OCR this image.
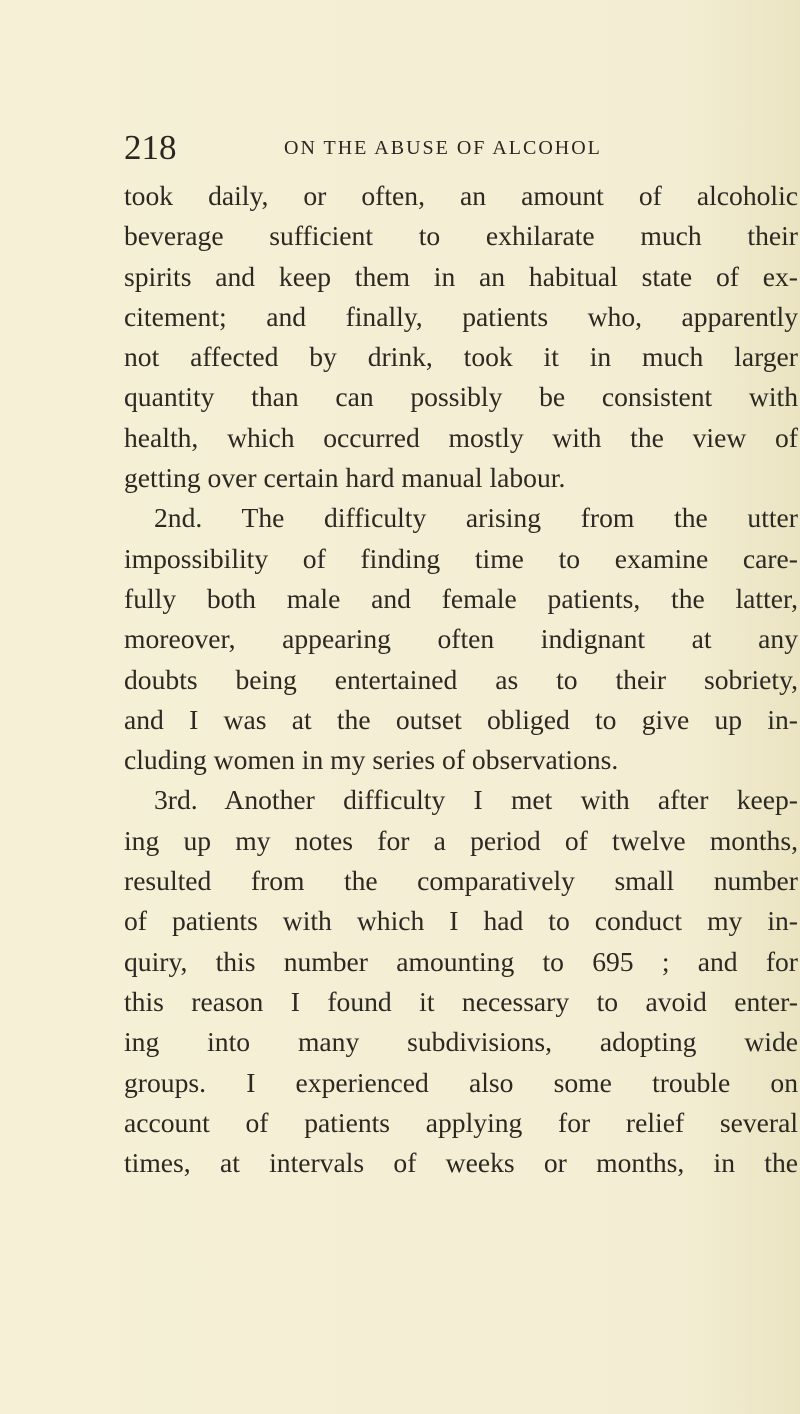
218	ON THE ABUSE OF ALCOHOL
took daily, or often, an amount of alcoholic
beverage sufficient to exhilarate much their
spirits and keep them in an habitual state of ex-
citement; and finally, patients who, apparently
not affected by drink, took it in much larger
quantity than can possibly be consistent with
health, which occurred mostly with the view of
getting over certain hard manual labour.
2nd. The difficulty arising from the utter
impossibility of finding time to examine care-
fully both male and female patients, the latter,
moreover, appearing often indignant at any
doubts being entertained as to their sobriety,
and I was at the outset obliged to give up in-
cluding women in my series of observations.
3rd. Another difficulty I met with after keep-
ing up my notes for a period of twelve months,
resulted from the comparatively small number
of patients with which I had to conduct my in-
quiry, this number amounting to 695 ; and for
this reason I found it necessary to avoid enter-
ing into many subdivisions, adopting wide
groups. I experienced also some trouble on
account of patients applying for relief several
times, at intervals of weeks or months, in the
